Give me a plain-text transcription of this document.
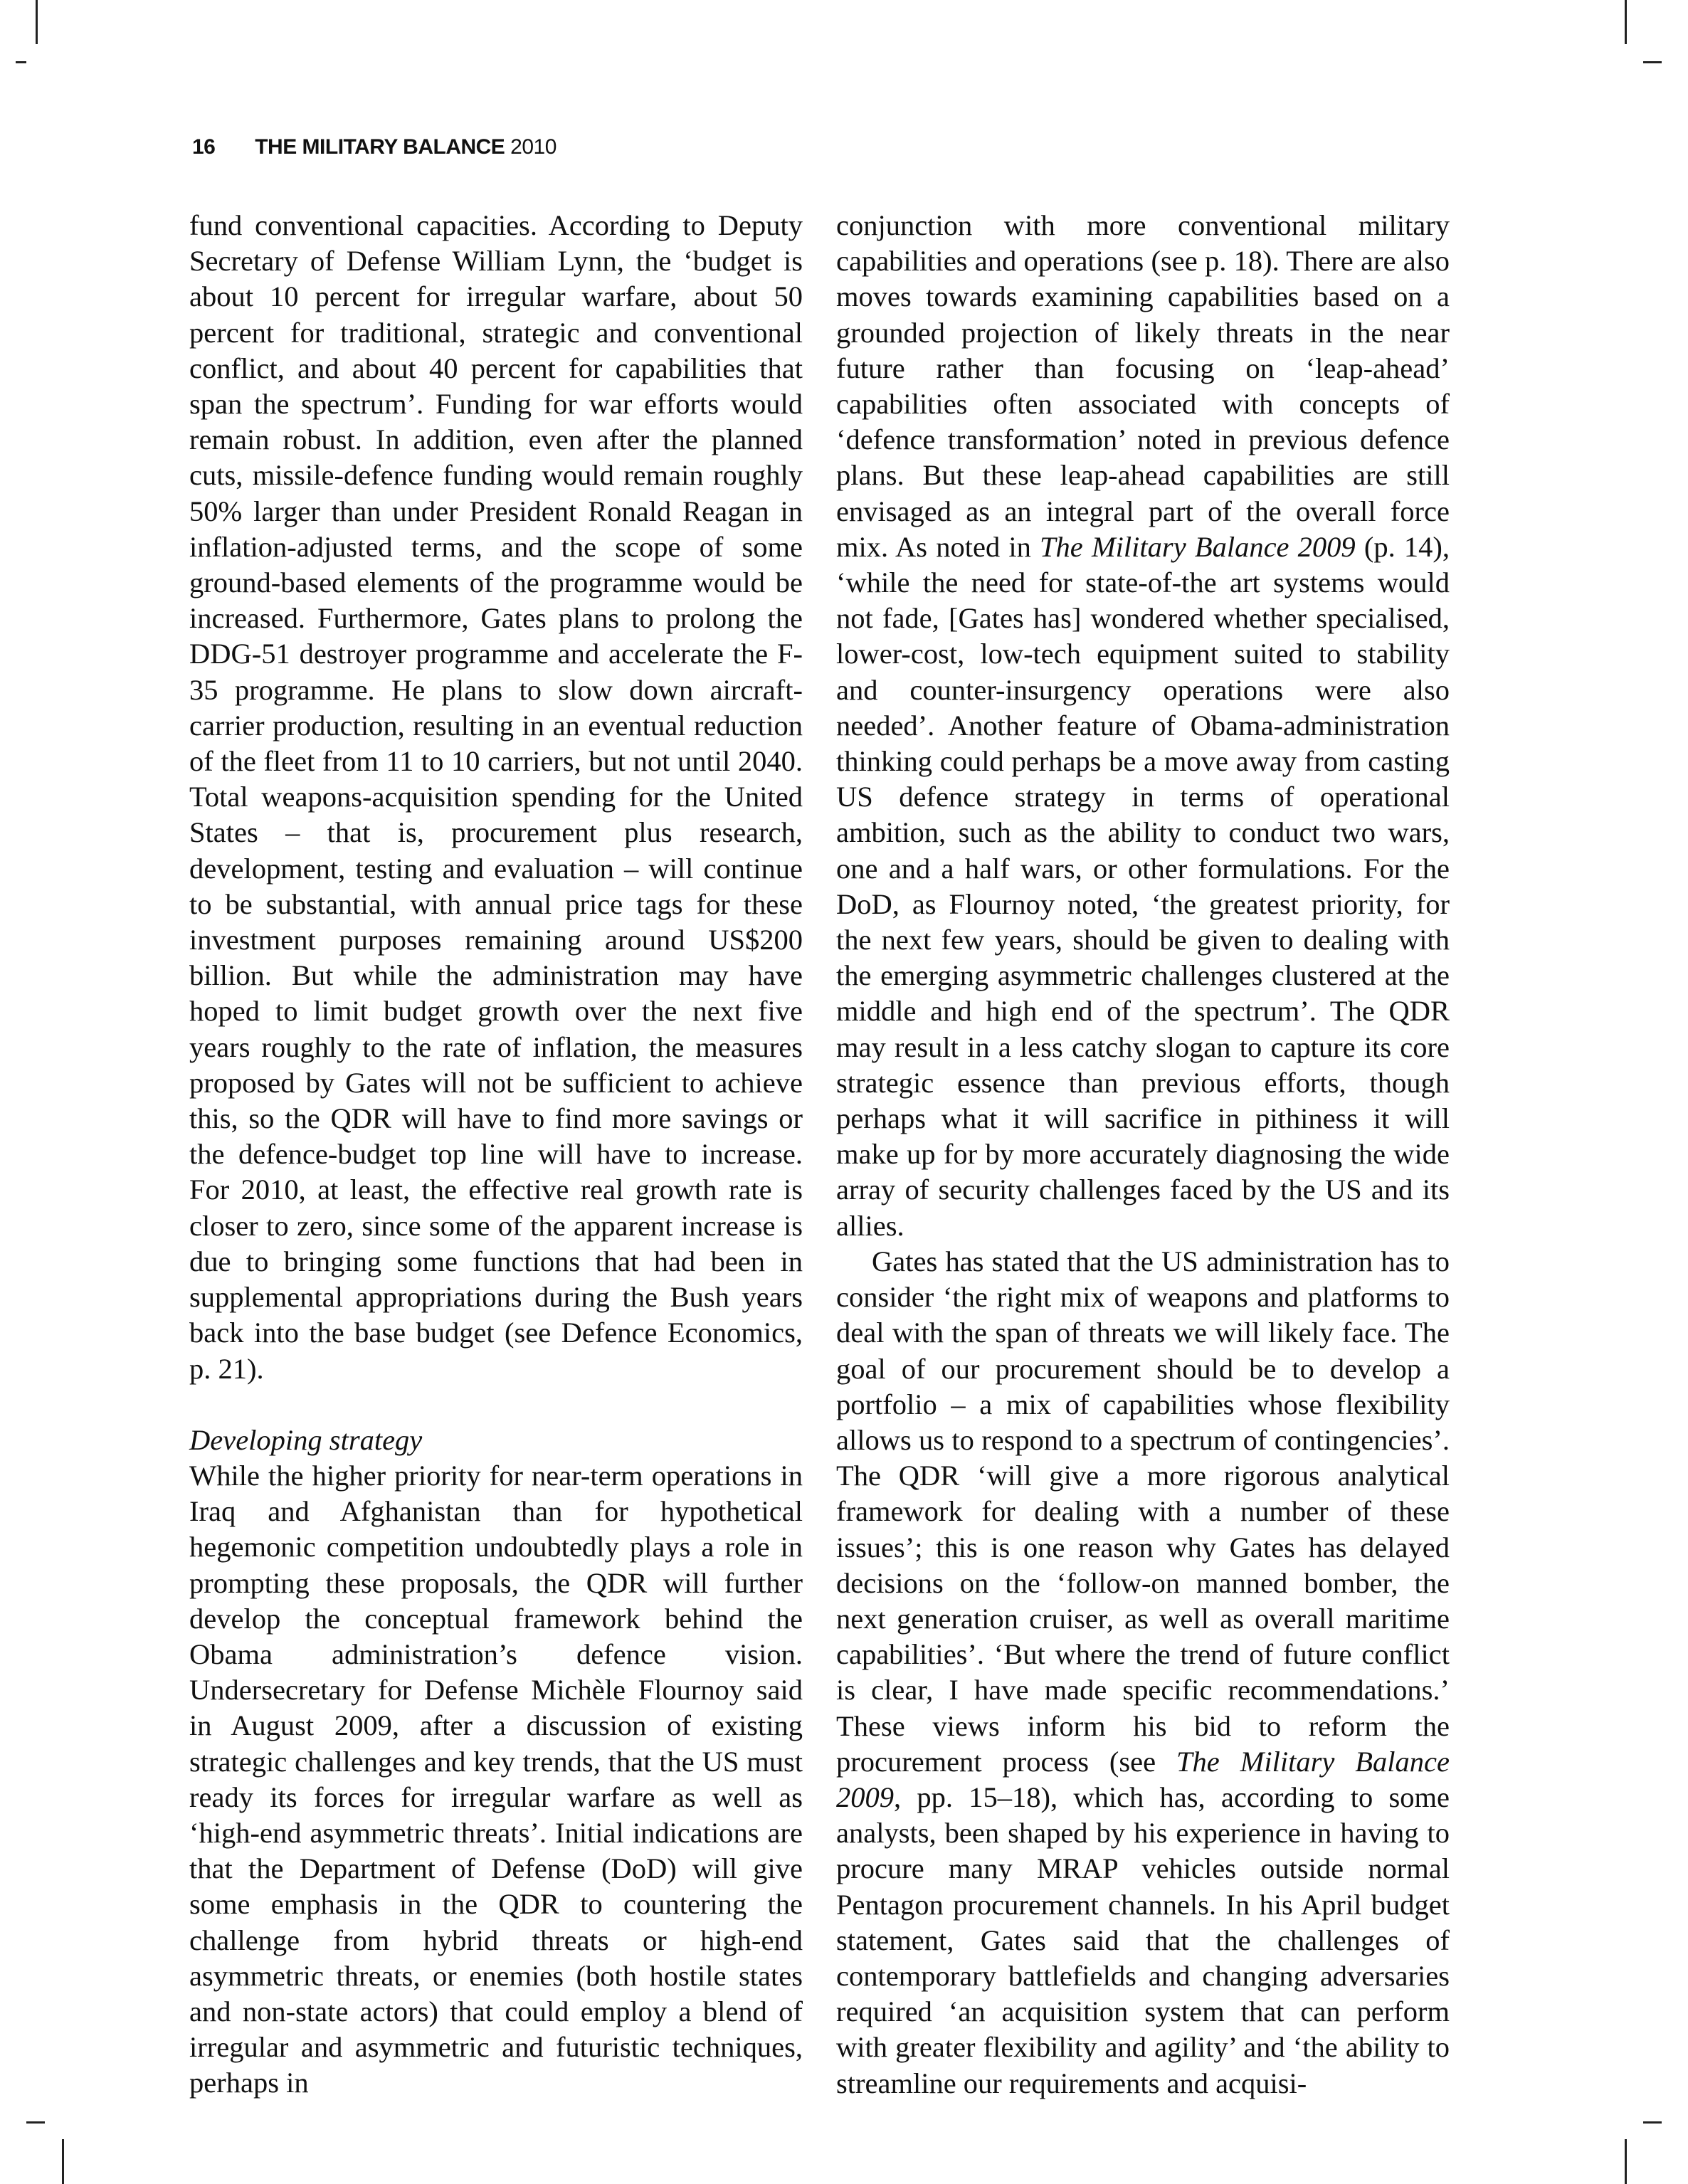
16 THE MILITARY BALANCE 2010

fund conventional capacities. According to Deputy Secretary of Defense William Lynn, the ‘budget is about 10 percent for irregular warfare, about 50 percent for traditional, strategic and conventional conflict, and about 40 percent for capabilities that span the spectrum’. Funding for war efforts would remain robust. In addition, even after the planned cuts, missile-defence funding would remain roughly 50% larger than under President Ronald Reagan in inflation-adjusted terms, and the scope of some ground-based elements of the programme would be increased. Furthermore, Gates plans to prolong the DDG-51 destroyer programme and accelerate the F-35 programme. He plans to slow down aircraft-carrier production, resulting in an eventual reduction of the fleet from 11 to 10 carriers, but not until 2040. Total weapons-acquisition spending for the United States – that is, procurement plus research, development, testing and evaluation – will continue to be substantial, with annual price tags for these investment purposes remaining around US$200 billion. But while the administration may have hoped to limit budget growth over the next five years roughly to the rate of inflation, the measures proposed by Gates will not be sufficient to achieve this, so the QDR will have to find more savings or the defence-budget top line will have to increase. For 2010, at least, the effective real growth rate is closer to zero, since some of the apparent increase is due to bringing some functions that had been in supplemental appropriations during the Bush years back into the base budget (see Defence Economics, p. 21).

Developing strategy

While the higher priority for near-term operations in Iraq and Afghanistan than for hypothetical hegemonic competition undoubtedly plays a role in prompting these proposals, the QDR will further develop the conceptual framework behind the Obama administration’s defence vision. Undersecretary for Defense Michèle Flournoy said in August 2009, after a discussion of existing strategic challenges and key trends, that the US must ready its forces for irregular warfare as well as ‘high-end asymmetric threats’. Initial indications are that the Department of Defense (DoD) will give some emphasis in the QDR to countering the challenge from hybrid threats or high-end asymmetric threats, or enemies (both hostile states and non-state actors) that could employ a blend of irregular and asymmetric and futuristic techniques, perhaps in

conjunction with more conventional military capabilities and operations (see p. 18). There are also moves towards examining capabilities based on a grounded projection of likely threats in the near future rather than focusing on ‘leap-ahead’ capabilities often associated with concepts of ‘defence transformation’ noted in previous defence plans. But these leap-ahead capabilities are still envisaged as an integral part of the overall force mix. As noted in The Military Balance 2009 (p. 14), ‘while the need for state-of-the art systems would not fade, [Gates has] wondered whether specialised, lower-cost, low-tech equipment suited to stability and counter-insurgency operations were also needed’. Another feature of Obama-administration thinking could perhaps be a move away from casting US defence strategy in terms of operational ambition, such as the ability to conduct two wars, one and a half wars, or other formulations. For the DoD, as Flournoy noted, ‘the greatest priority, for the next few years, should be given to dealing with the emerging asymmetric challenges clustered at the middle and high end of the spectrum’. The QDR may result in a less catchy slogan to capture its core strategic essence than previous efforts, though perhaps what it will sacrifice in pithiness it will make up for by more accurately diagnosing the wide array of security challenges faced by the US and its allies.

Gates has stated that the US administration has to consider ‘the right mix of weapons and platforms to deal with the span of threats we will likely face. The goal of our procurement should be to develop a portfolio – a mix of capabilities whose flexibility allows us to respond to a spectrum of contingencies’. The QDR ‘will give a more rigorous analytical framework for dealing with a number of these issues’; this is one reason why Gates has delayed decisions on the ‘follow-on manned bomber, the next generation cruiser, as well as overall maritime capabilities’. ‘But where the trend of future conflict is clear, I have made specific recommendations.’ These views inform his bid to reform the procurement process (see The Military Balance 2009, pp. 15–18), which has, according to some analysts, been shaped by his experience in having to procure many MRAP vehicles outside normal Pentagon procurement channels. In his April budget statement, Gates said that the challenges of contemporary battlefields and changing adversaries required ‘an acquisition system that can perform with greater flexibility and agility’ and ‘the ability to streamline our requirements and acquisi-
